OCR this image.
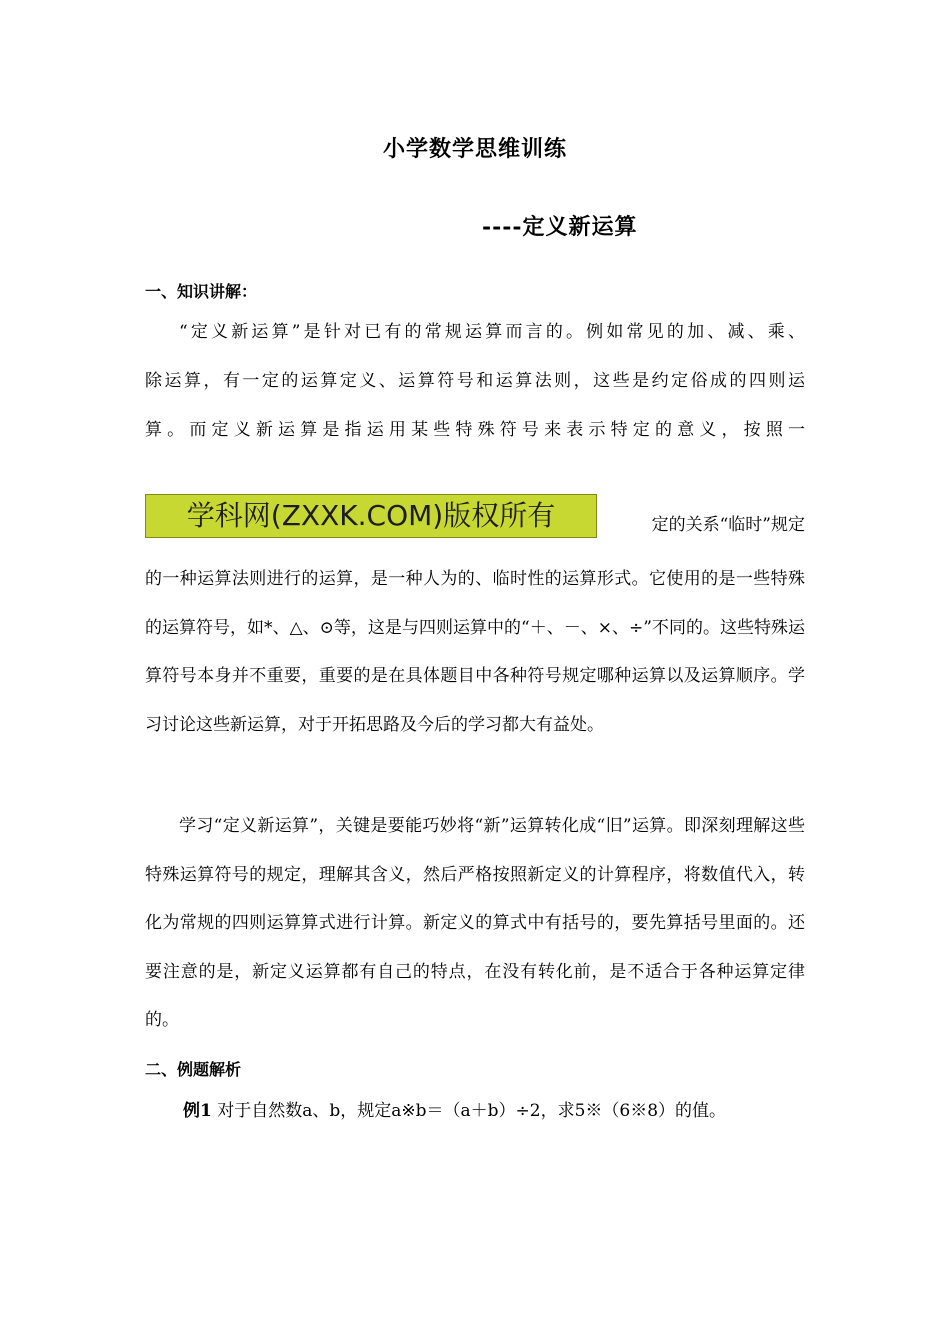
小学数学思维训练
----定义新运算
一、知识讲解：
“定义新运算”是针对已有的常规运算而言的。例如常见的加、减、乘、
除运算，有一定的运算定义、运算符号和运算法则，这些是约定俗成的四则运
算。而定义新运算是指运用某些特殊符号来表示特定的意义，按照一
学科网(ZXXK.COM)版权所有	定的关系“临时”规定
的一种运算法则进行的运算，是一种人为的、临时性的运算形式。它使用的是一些特殊的运算符号，如*、△、⊙等，这是与四则运算中的“＋、－、×、÷”不同的。这些特殊运算符号本身并不重要，重要的是在具体题目中各种符号规定哪种运算以及运算顺序。学习讨论这些新运算，对于开拓思路及今后的学习都大有益处。
学习“定义新运算”，关键是要能巧妙将“新”运算转化成“旧”运算。即深刻理解这些特殊运算符号的规定，理解其含义，然后严格按照新定义的计算程序，将数值代入，转化为常规的四则运算算式进行计算。新定义的算式中有括号的，要先算括号里面的。还要注意的是，新定义运算都有自己的特点，在没有转化前，是不适合于各种运算定律的。
二、例题解析
例1 对于自然数a、b，规定a※b＝（a＋b）÷2，求5※（6※8）的值。
